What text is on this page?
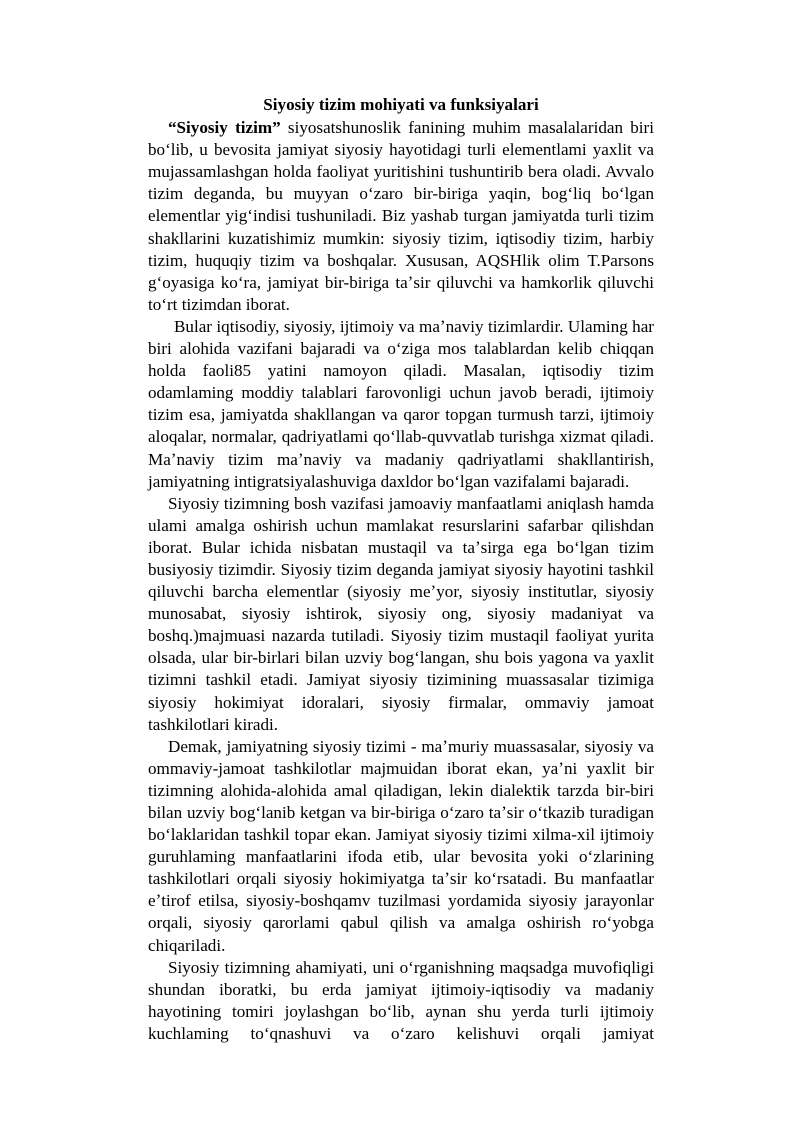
Siyosiy tizim mohiyati va funksiyalari

“Siyosiy tizim” siyosatshunoslik fanining muhim masalalaridan biri boʻlib, u bevosita jamiyat siyosiy hayotidagi turli elementlami yaxlit va mujassamlashgan holda faoliyat yuritishini tushuntirib bera oladi. Avvalo tizim deganda, bu muyyan oʻzaro bir-biriga yaqin, bogʻliq boʻlgan elementlar yigʻindisi tushuniladi. Biz yashab turgan jamiyatda turli tizim shakllarini kuzatishimiz mumkin: siyosiy tizim, iqtisodiy tizim, harbiy tizim, huquqiy tizim va boshqalar. Xususan, AQSHlik olim T.Parsons gʻoyasiga koʻra, jamiyat bir-biriga taʼsir qiluvchi va hamkorlik qiluvchi toʻrt tizimdan iborat.

Bular iqtisodiy, siyosiy, ijtimoiy va maʼnaviy tizimlardir. Ulaming har biri alohida vazifani bajaradi va oʻziga mos talablardan kelib chiqqan holda faoli85 yatini namoyon qiladi. Masalan, iqtisodiy tizim odamlaming moddiy talablari farovonligi uchun javob beradi, ijtimoiy tizim esa, jamiyatda shakllangan va qaror topgan turmush tarzi, ijtimoiy aloqalar, normalar, qadriyatlami qoʻllab-quvvatlab turishga xizmat qiladi. Maʼnaviy tizim maʼnaviy va madaniy qadriyatlami shakllantirish, jamiyatning intigratsiyalashuviga daxldor boʻlgan vazifalami bajaradi.

Siyosiy tizimning bosh vazifasi jamoaviy manfaatlami aniqlash hamda ulami amalga oshirish uchun mamlakat resurslarini safarbar qilishdan iborat. Bular ichida nisbatan mustaqil va taʼsirga ega boʻlgan tizim busiyosiy tizimdir. Siyosiy tizim deganda jamiyat siyosiy hayotini tashkil qiluvchi barcha elementlar (siyosiy meʼyor, siyosiy institutlar, siyosiy munosabat, siyosiy ishtirok, siyosiy ong, siyosiy madaniyat va boshq.)majmuasi nazarda tutiladi. Siyosiy tizim mustaqil faoliyat yurita olsada, ular bir-birlari bilan uzviy bogʻlangan, shu bois yagona va yaxlit tizimni tashkil etadi. Jamiyat siyosiy tizimining muassasalar tizimiga siyosiy hokimiyat idoralari, siyosiy firmalar, ommaviy jamoat tashkilotlari kiradi.

Demak, jamiyatning siyosiy tizimi - maʼmuriy muassasalar, siyosiy va ommaviy-jamoat tashkilotlar majmuidan iborat ekan, yaʼni yaxlit bir tizimning alohida-alohida amal qiladigan, lekin dialektik tarzda bir-biri bilan uzviy bogʻlanib ketgan va bir-biriga oʻzaro taʼsir oʻtkazib turadigan boʻlaklaridan tashkil topar ekan. Jamiyat siyosiy tizimi xilma-xil ijtimoiy guruhlaming manfaatlarini ifoda etib, ular bevosita yoki oʻzlarining tashkilotlari orqali siyosiy hokimiyatga taʼsir koʻrsatadi. Bu manfaatlar eʼtirof etilsa, siyosiy-boshqamv tuzilmasi yordamida siyosiy jarayonlar orqali, siyosiy qarorlami qabul qilish va amalga oshirish roʻyobga chiqariladi.

Siyosiy tizimning ahamiyati, uni oʻrganishning maqsadga muvofiqligi shundan iboratki, bu erda jamiyat ijtimoiy-iqtisodiy va madaniy hayotining tomiri joylashgan boʻlib, aynan shu yerda turli ijtimoiy kuchlaming toʻqnashuvi va oʻzaro kelishuvi orqali jamiyat
